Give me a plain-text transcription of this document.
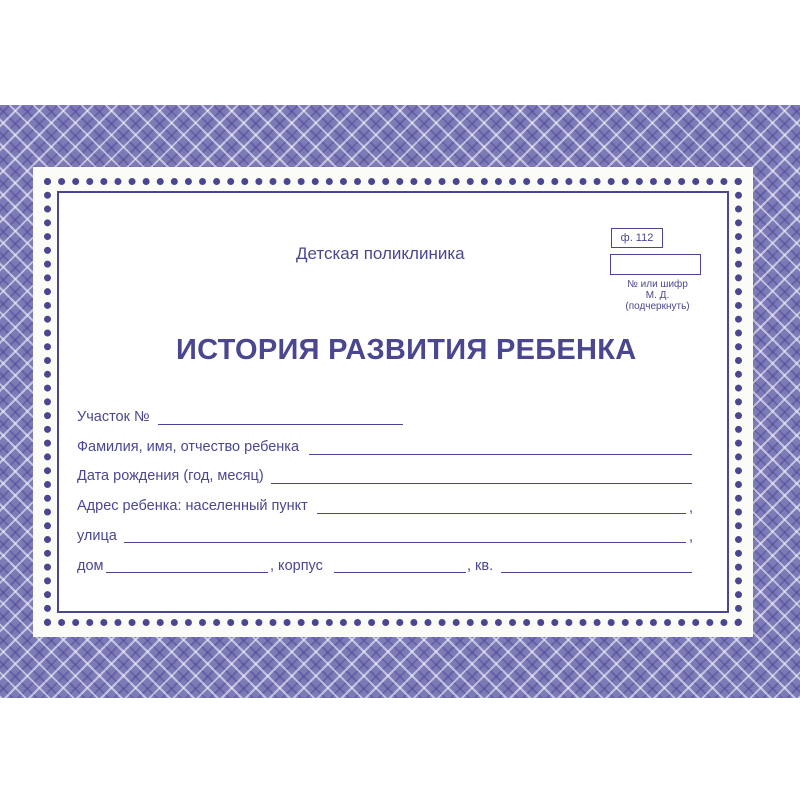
Детская поликлиника
ф. 112
№ или шифр
М. Д.
(подчеркнуть)
ИСТОРИЯ РАЗВИТИЯ РЕБЕНКА
Участок №
Фамилия, имя, отчество ребенка
Дата рождения (год, месяц)
Адрес ребенка: населенный пункт	,
улица	,
дом	, корпус	, кв.
